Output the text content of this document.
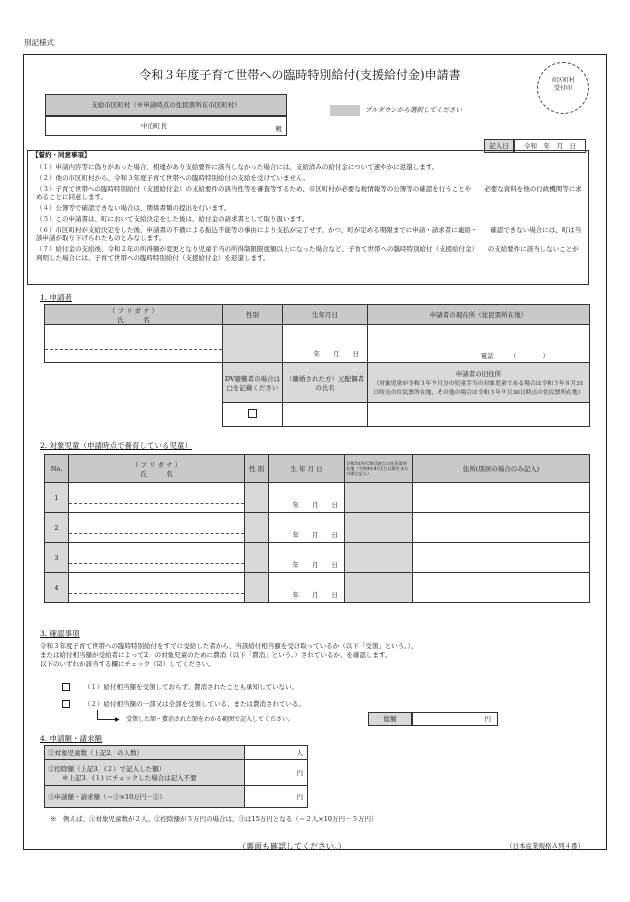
別記様式
令和３年度子育て世帯への臨時特別給付(支援給付金)申請書	市区町村
受付印
支給市区町村（※申請時点の住民票所在市区町村）
中泊町長	殿
プルダウンから選択してください
記入日	令和　年　月　日
【誓約・同意事項】
（１）申請内容等に偽りがあった場合、相違があり支給要件に該当しなかった場合には、支給済みの給付金について速やかに返還します。
（２）他の市区町村から、令和３年度子育て世帯への臨時特別給付の支給を受けていません。
（３）子育て世帯への臨時特別給付（支援給付金）の支給要件の該当性等を審査等するため、市区町村が必要な税情報等の公簿等の確認を行うことや　　必要な資料を他の行政機関等に求めることに同意します。
（４）公簿等で確認できない場合は、関係書類の提出を行います。
（５）この申請書は、町において支給決定をした後は、給付金の請求書として取り扱います。
（６）市区町村が支給決定をした後、申請書の不備による振込不能等の事由により支払が完了せず、かつ、町が定める期限までに申請・請求者に連絡・　　確認できない場合には、町は当該申請が取り下げられたものとみなします。
（７）給付金の支給後、令和２年の所得額が変更となり児童手当の所得制限限度額以上になった場合など、子育て世帯への臨時特別給付（支援給付金）　　の支給要件に該当しないことが判明した場合には、子育て世帯への臨時特別給付（支援給付金）を返還します。
1. 申請者
（ フ リ ガ ナ ）
氏　　　名	性別	生年月日	申請者の現在所（住民票所在地）

		年　　月　　日	電話　　　（　　　　）
	DV避難者の場合は□を記載ください	（離婚された方）元配偶者の氏名	申請者の旧住所
（対象児童が令和３年９月分の児童手当の対象児童である場合は令和３年８月31日時点の住民票所在地、その他の場合は令和３年９月30日時点の住民票所在地）

2. 対象児童（申請時点で養育している児童）
No.	（ フ リ ガ ナ ）
氏　　　名	性 別	生 年 月 日	令和3年9月30日時点の住民票所在地（令和4年4月1日以降生まれの場合記入）	住所(別居の場合のみ記入)
1			年　　月　　日		
2			年　　月　　日		
3			年　　月　　日		
4			年　　月　　日		
3. 確認事項
令和３年度子育て世帯への臨時特別給付をすでに受給した者から、当該給付相当額を受け取っているか（以下「受領」という。）、
または給付相当額が受給者によって2．の対象児童のために費消（以下「費消」という。）されているか、を確認します。
以下のいずれか該当する欄にチェック（☑）してください。
（１）給付相当額を受領しておらず、費消されたことも承知していない。
（２）給付相当額の一部又は全部を受領している、または費消されている。
▶ 受領した額・費消された額をわかる範囲で記入してください。	総額	円
4. 申請額・請求額
①対象児童数（上記2．の人数）	人

②控除額（上記3．(２）で記入した額）
※上記3．(１) にチェックした場合は記入不要	円
③申請額・請求額（＝①×10万円－②）	円
※　例えば、①対象児童数が２人、②控除額が５万円の場合は、③は15万円となる（＝２人×10万円－５万円）
（裏面も確認してください。）	（日本産業規格Ａ列４番）
